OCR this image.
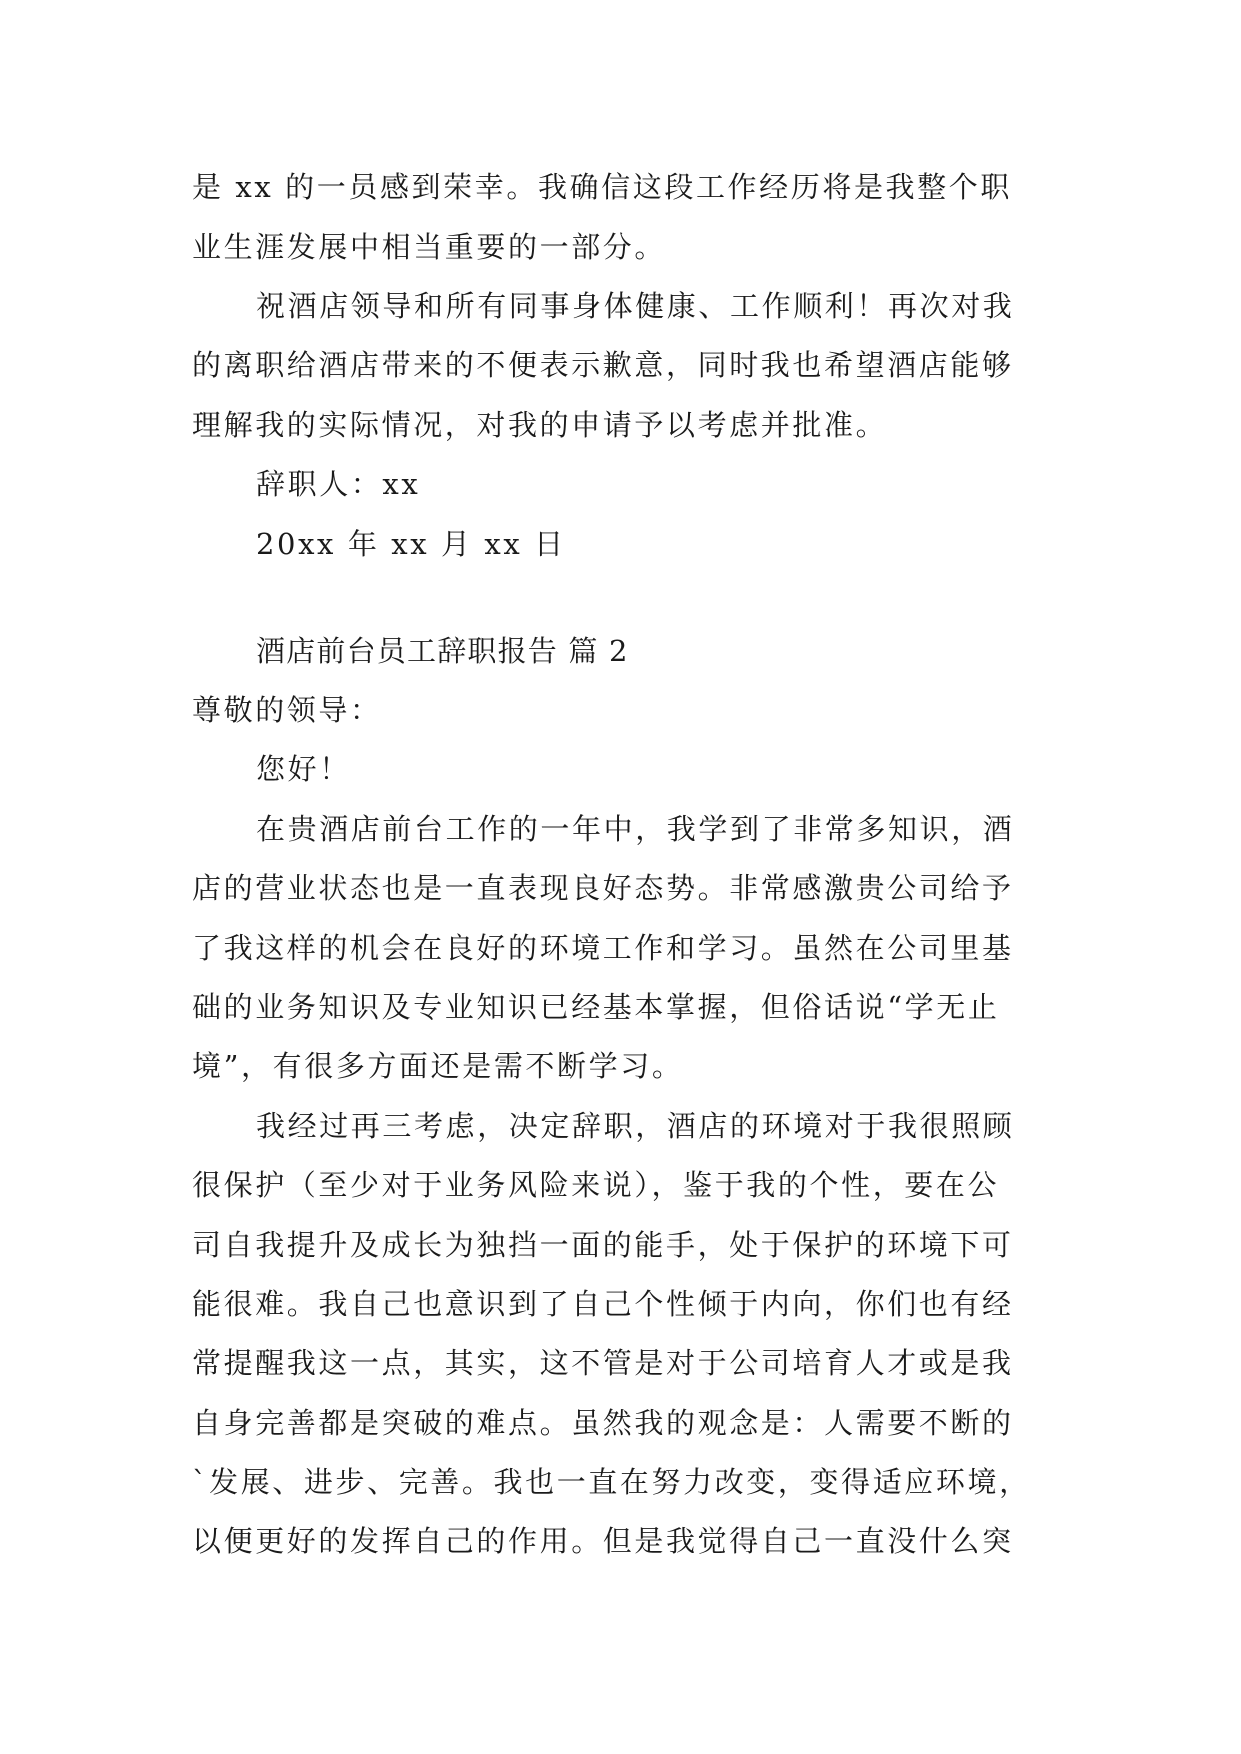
是 xx 的一员感到荣幸。我确信这段工作经历将是我整个职
业生涯发展中相当重要的一部分。
祝酒店领导和所有同事身体健康、工作顺利！再次对我
的离职给酒店带来的不便表示歉意，同时我也希望酒店能够
理解我的实际情况，对我的申请予以考虑并批准。
辞职人：xx
20xx 年 xx 月 xx 日
酒店前台员工辞职报告 篇 2
尊敬的领导：
您好！
在贵酒店前台工作的一年中，我学到了非常多知识，酒
店的营业状态也是一直表现良好态势。非常感激贵公司给予
了我这样的机会在良好的环境工作和学习。虽然在公司里基
础的业务知识及专业知识已经基本掌握，但俗话说“学无止
境”，有很多方面还是需不断学习。
我经过再三考虑，决定辞职，酒店的环境对于我很照顾
很保护（至少对于业务风险来说），鉴于我的个性，要在公
司自我提升及成长为独挡一面的能手，处于保护的环境下可
能很难。我自己也意识到了自己个性倾于内向，你们也有经
常提醒我这一点，其实，这不管是对于公司培育人才或是我
自身完善都是突破的难点。虽然我的观念是：人需要不断的
`发展、进步、完善。我也一直在努力改变，变得适应环境，
以便更好的发挥自己的作用。但是我觉得自己一直没什么突
